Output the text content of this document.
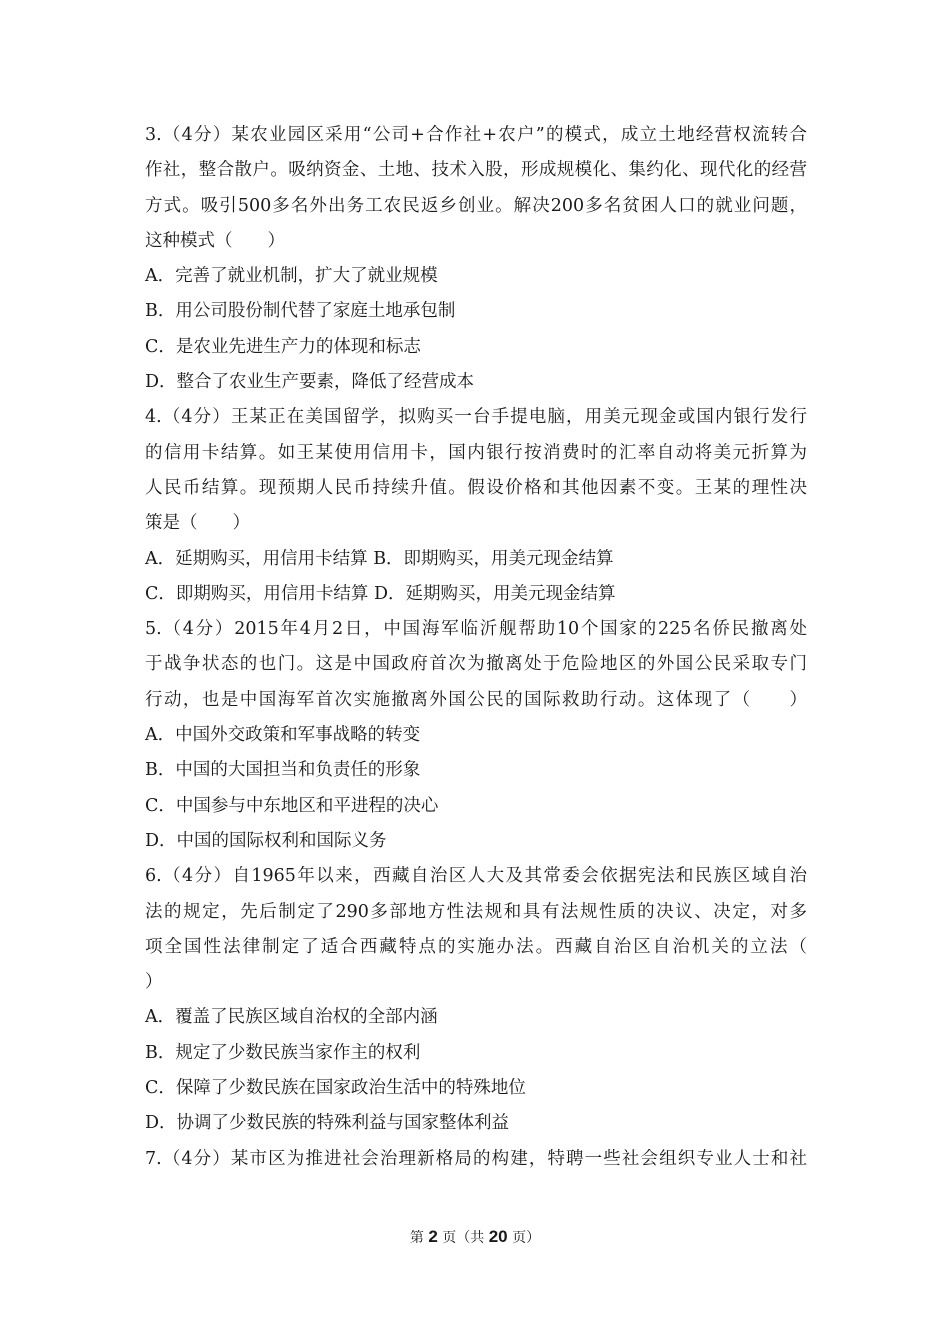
3.（4分）某农业园区采用“公司+合作社+农户”的模式，成立土地经营权流转合
作社，整合散户。吸纳资金、土地、技术入股，形成规模化、集约化、现代化的经营
方式。吸引500多名外出务工农民返乡创业。解决200多名贫困人口的就业问题，
这种模式（　　）
A．完善了就业机制，扩大了就业规模
B．用公司股份制代替了家庭土地承包制
C．是农业先进生产力的体现和标志
D．整合了农业生产要素，降低了经营成本
4.（4分）王某正在美国留学，拟购买一台手提电脑，用美元现金或国内银行发行
的信用卡结算。如王某使用信用卡，国内银行按消费时的汇率自动将美元折算为
人民币结算。现预期人民币持续升值。假设价格和其他因素不变。王某的理性决
策是（　　）
A．延期购买，用信用卡结算 B．即期购买，用美元现金结算
C．即期购买，用信用卡结算 D．延期购买，用美元现金结算
5.（4分）2015年4月2日，中国海军临沂舰帮助10个国家的225名侨民撤离处
于战争状态的也门。这是中国政府首次为撤离处于危险地区的外国公民采取专门
行动，也是中国海军首次实施撤离外国公民的国际救助行动。这体现了（　　）
A．中国外交政策和军事战略的转变
B．中国的大国担当和负责任的形象
C．中国参与中东地区和平进程的决心
D．中国的国际权利和国际义务
6.（4分）自1965年以来，西藏自治区人大及其常委会依据宪法和民族区域自治
法的规定，先后制定了290多部地方性法规和具有法规性质的决议、决定，对多
项全国性法律制定了适合西藏特点的实施办法。西藏自治区自治机关的立法（
）
A．覆盖了民族区域自治权的全部内涵
B．规定了少数民族当家作主的权利
C．保障了少数民族在国家政治生活中的特殊地位
D．协调了少数民族的特殊利益与国家整体利益
7.（4分）某市区为推进社会治理新格局的构建，特聘一些社会组织专业人士和社
第 2 页（共 20 页）
